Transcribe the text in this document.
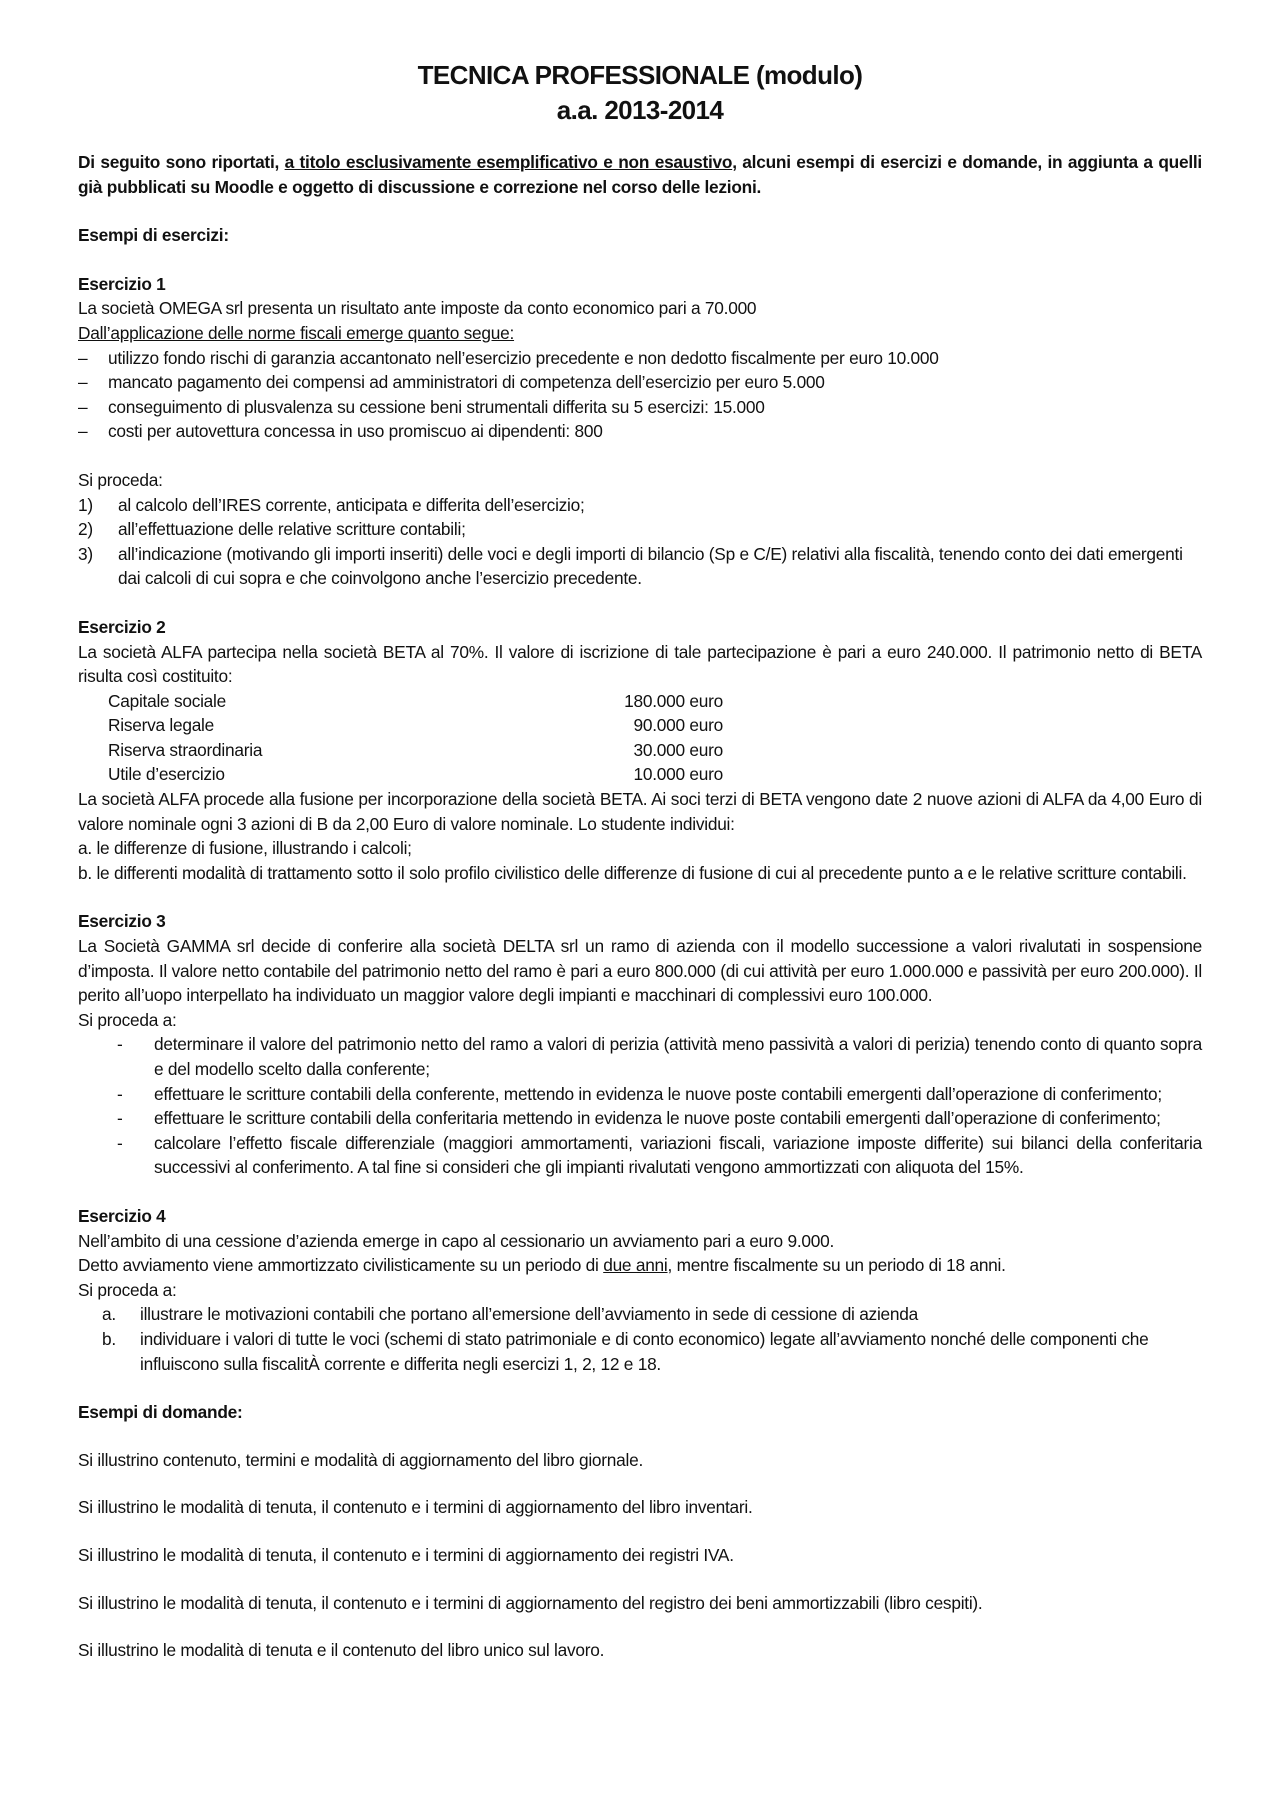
TECNICA PROFESSIONALE (modulo)
a.a. 2013-2014

Di seguito sono riportati, a titolo esclusivamente esemplificativo e non esaustivo, alcuni esempi di esercizi e domande, in aggiunta a quelli già pubblicati su Moodle e oggetto di discussione e correzione nel corso delle lezioni.

Esempi di esercizi:

Esercizio 1

La società OMEGA srl presenta un risultato ante imposte da conto economico pari a 70.000

Dall’applicazione delle norme fiscali emerge quanto segue:

– utilizzo fondo rischi di garanzia accantonato nell’esercizio precedente e non dedotto fiscalmente per euro 10.000
– mancato pagamento dei compensi ad amministratori di competenza dell’esercizio per euro 5.000
– conseguimento di plusvalenza su cessione beni strumentali differita su 5 esercizi: 15.000
– costi per autovettura concessa in uso promiscuo ai dipendenti: 800

Si proceda:

1)	al calcolo dell’IRES corrente, anticipata e differita dell’esercizio;
2)	all’effettuazione delle relative scritture contabili;
3)	all’indicazione (motivando gli importi inseriti) delle voci e degli importi di bilancio (Sp e C/E) relativi alla fiscalità, tenendo conto dei dati emergenti dai calcoli di cui sopra e che coinvolgono anche l’esercizio precedente.

Esercizio 2

La società ALFA partecipa nella società BETA al 70%. Il valore di iscrizione di tale partecipazione è pari a euro 240.000. Il patrimonio netto di BETA risulta così costituito:

Capitale sociale	180.000 euro
Riserva legale	90.000 euro
Riserva straordinaria	30.000 euro
Utile d’esercizio	10.000 euro

La società ALFA procede alla fusione per incorporazione della società BETA. Ai soci terzi di BETA vengono date 2 nuove azioni di ALFA da 4,00 Euro di valore nominale ogni 3 azioni di B da 2,00 Euro di valore nominale. Lo studente individui:

a. le differenze di fusione, illustrando i calcoli;

b. le differenti modalità di trattamento sotto il solo profilo civilistico delle differenze di fusione di cui al precedente punto a e le relative scritture contabili.

Esercizio 3

La Società GAMMA srl decide di conferire alla società DELTA srl un ramo di azienda con il modello successione a valori rivalutati in sospensione d’imposta. Il valore netto contabile del patrimonio netto del ramo è pari a euro 800.000 (di cui attività per euro 1.000.000 e passività per euro 200.000). Il perito all’uopo interpellato ha individuato un maggior valore degli impianti e macchinari di complessivi euro 100.000.

Si proceda a:

-	determinare il valore del patrimonio netto del ramo a valori di perizia (attività meno passività a valori di perizia) tenendo conto di quanto sopra e del modello scelto dalla conferente;
-	effettuare le scritture contabili della conferente, mettendo in evidenza le nuove poste contabili emergenti dall’operazione di conferimento;
-	effettuare le scritture contabili della conferitaria mettendo in evidenza le nuove poste contabili emergenti dall’operazione di conferimento;
-	calcolare l’effetto fiscale differenziale (maggiori ammortamenti, variazioni fiscali, variazione imposte differite) sui bilanci della conferitaria successivi al conferimento. A tal fine si consideri che gli impianti rivalutati vengono ammortizzati con aliquota del 15%.

Esercizio 4

Nell’ambito di una cessione d’azienda emerge in capo al cessionario un avviamento pari a euro 9.000.

Detto avviamento viene ammortizzato civilisticamente su un periodo di due anni, mentre fiscalmente su un periodo di 18 anni.

Si proceda a:

a.	illustrare le motivazioni contabili che portano all’emersione dell’avviamento in sede di cessione di azienda
b.	individuare i valori di tutte le voci (schemi di stato patrimoniale e di conto economico) legate all’avviamento nonché delle componenti che influiscono sulla fiscalitÀ corrente e differita negli esercizi 1, 2, 12 e 18.

Esempi di domande:

Si illustrino contenuto, termini e modalità di aggiornamento del libro giornale.

Si illustrino le modalità di tenuta, il contenuto e i termini di aggiornamento del libro inventari.

Si illustrino le modalità di tenuta, il contenuto e i termini di aggiornamento dei registri IVA.

Si illustrino le modalità di tenuta, il contenuto e i termini di aggiornamento del registro dei beni ammortizzabili (libro cespiti).

Si illustrino le modalità di tenuta e il contenuto del libro unico sul lavoro.
